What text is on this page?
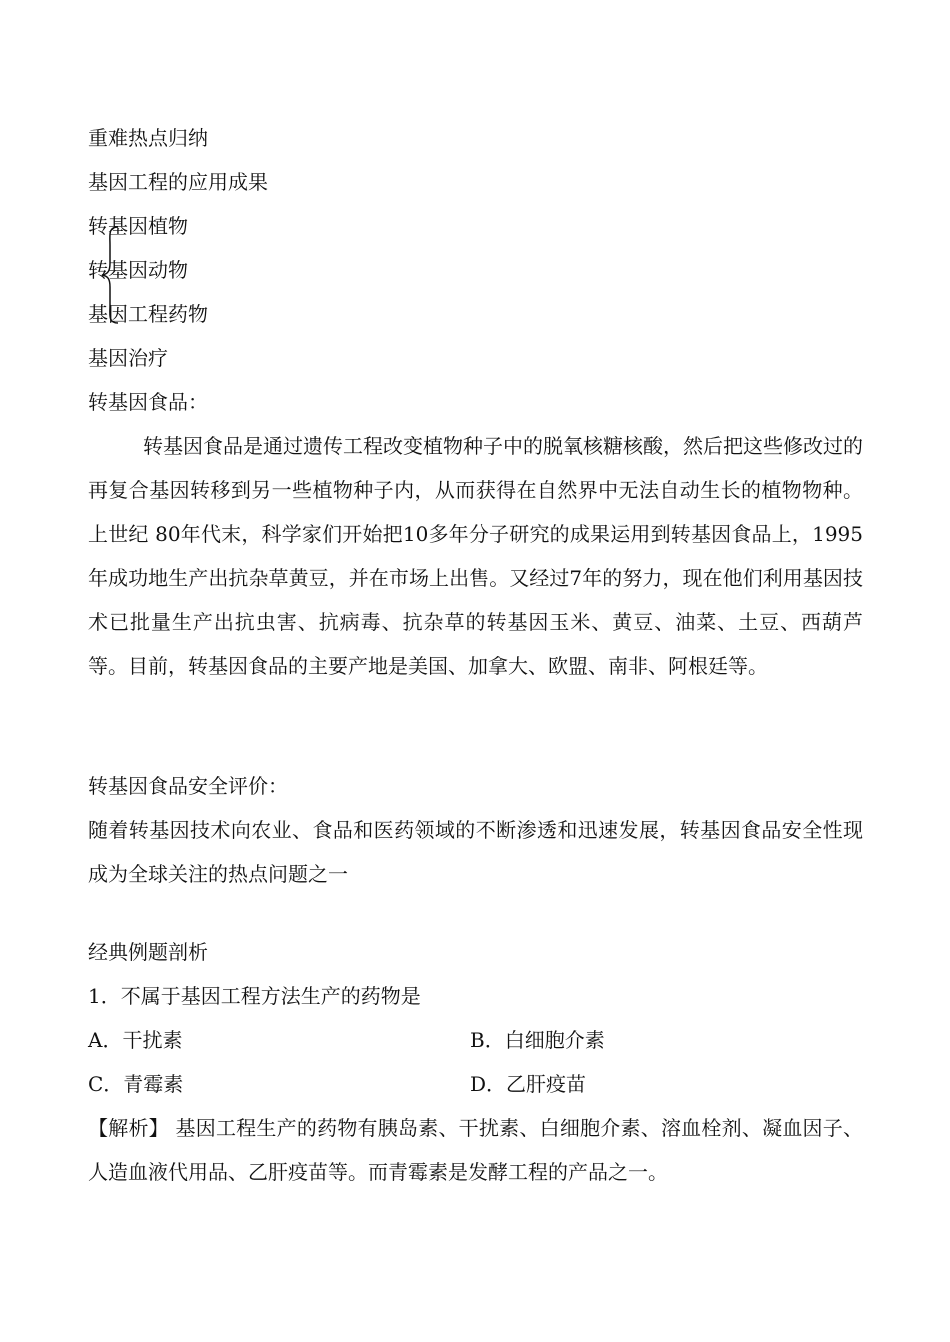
重难热点归纳
基因工程的应用成果
转基因植物
转基因动物
基因工程药物
基因治疗
转基因食品：
转基因食品是通过遗传工程改变植物种子中的脱氧核糖核酸，然后把这些修改过的再复合基因转移到另一些植物种子内，从而获得在自然界中无法自动生长的植物物种。上世纪 80年代末，科学家们开始把10多年分子研究的成果运用到转基因食品上，1995年成功地生产出抗杂草黄豆，并在市场上出售。又经过7年的努力，现在他们利用基因技术已批量生产出抗虫害、抗病毒、抗杂草的转基因玉米、黄豆、油菜、土豆、西葫芦等。目前，转基因食品的主要产地是美国、加拿大、欧盟、南非、阿根廷等。
转基因食品安全评价：
随着转基因技术向农业、食品和医药领域的不断渗透和迅速发展，转基因食品安全性现成为全球关注的热点问题之一
经典例题剖析
1．不属于基因工程方法生产的药物是
A．干扰素	B．白细胞介素
C．青霉素	D．乙肝疫苗
【解析】 基因工程生产的药物有胰岛素、干扰素、白细胞介素、溶血栓剂、凝血因子、人造血液代用品、乙肝疫苗等。而青霉素是发酵工程的产品之一。
